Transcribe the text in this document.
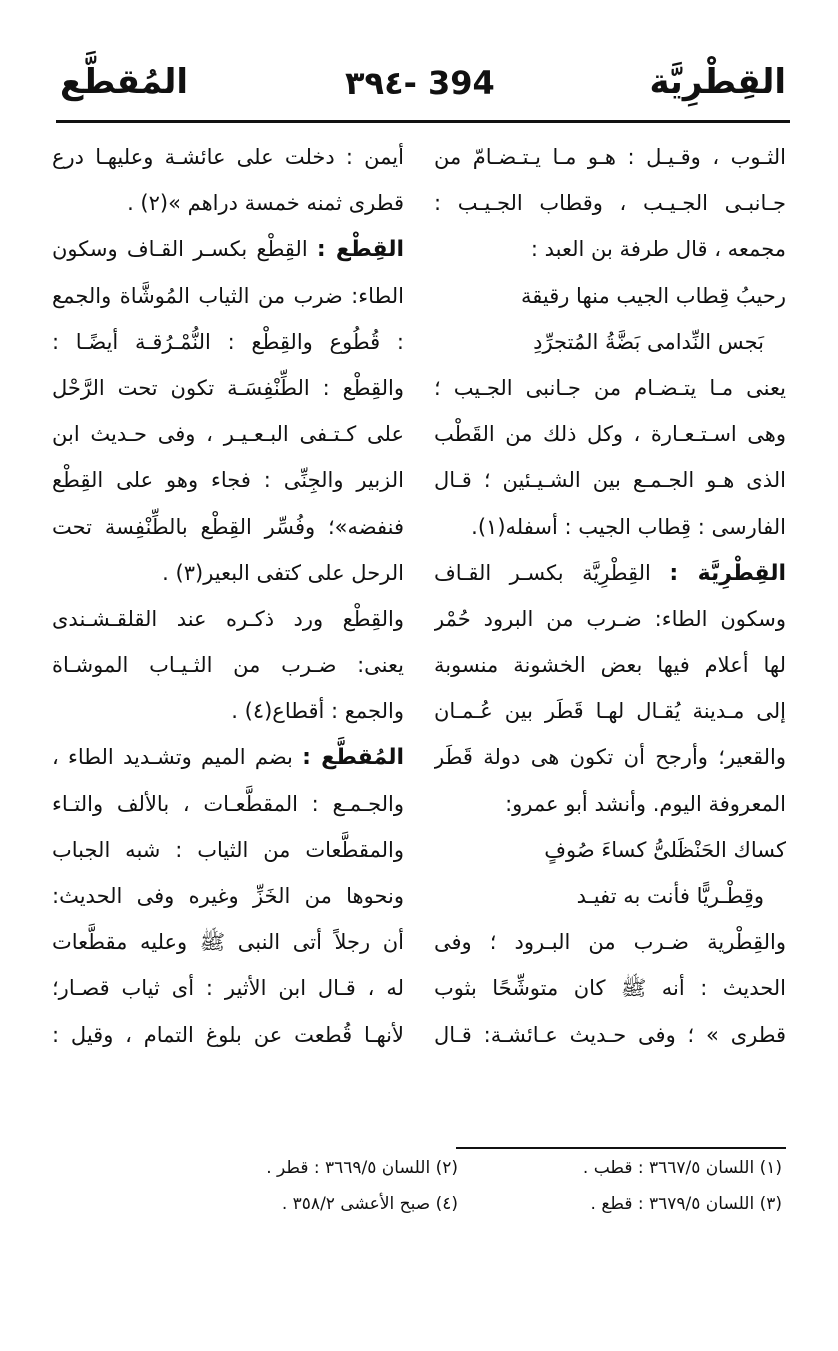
القِطْرِيَّة
394 -٣٩٤
المُقطَّع
الثـوب ، وقـيـل : هـو مـا يـتـضـامّ من
جـانبـى الجـيـب ، وقطاب الجـيـب :
مجمعه ، قال طرفة بن العبد :
رحيبُ قِطاب الجيب منها رقيقة
بَجس النِّدامى بَضَّةُ المُتجرِّدِ
يعنى مـا يتـضـام من جـانبى الجـيب ؛
وهى اسـتـعـارة ، وكل ذلك من القَطْب
الذى هـو الجـمـع بين الشـيـئين ؛ قـال
الفارسى : قِطاب الجيب : أسفله(١).
القِطْرِيَّة : القِطْرِيَّة بكسـر القـاف
وسكون الطاء: ضـرب من البرود حُمْر
لها أعلام فيها بعض الخشونة منسوبة
إلى مـدينة يُقـال لهـا قَطَر بين عُـمـان
والقعير؛ وأرجح أن تكون هى دولة قَطَر
المعروفة اليوم. وأنشد أبو عمرو:
كساك الحَنْظَلىُّ كساءَ صُوفٍ
وقِطْـريًّا فأنت به تفيـد
والقِطْرية ضـرب من البـرود ؛ وفى
الحديث : أنه ﷺ كان متوشِّحًا بثوب
قطرى » ؛ وفى حـديث عـائشـة: قـال
أيمن : دخلت على عائشـة وعليهـا درع
قطرى ثمنه خمسة دراهم »(٢) .
القِطْع : القِطْع بكسـر القـاف وسكون
الطاء: ضرب من الثياب المُوشَّاة والجمع
: قُطُوع والقِطْع : النُّمْـرُقـة أيضًـا :
والقِطْع : الطِّنْفِسَـة تكون تحت الرَّحْل
على كـتـفى البـعـيـر ، وفى حـديث ابن
الزبير والجِنِّى : فجاء وهو على القِطْع
فنفضه»؛ وفُسِّر القِطْع بالطِّنْفِسة تحت
الرحل على كتفى البعير(٣) .
والقِطْع ورد ذكـره عند القلقـشـندى
يعنى: ضـرب من الثـيـاب الموشـاة
والجمع : أقطاع(٤) .
المُقطَّع : بضم الميم وتشـديد الطاء ،
والجـمـع : المقطَّعـات ، بالألف والتـاء
والمقطَّعات من الثياب : شبه الجباب
ونحوها من الخَزِّ وغيره وفى الحديث:
أن رجلاً أتى النبى ﷺ وعليه مقطَّعات
له ، قـال ابن الأثير : أى ثياب قصـار؛
لأنهـا قُطعت عن بلوغ التمام ، وقيل :
(١) اللسان ٣٦٦٧/٥ : قطب .
(٢) اللسان ٣٦٦٩/٥ : قطر .
(٣) اللسان ٣٦٧٩/٥ : قطع .
(٤) صبح الأعشى ٣٥٨/٢ .
